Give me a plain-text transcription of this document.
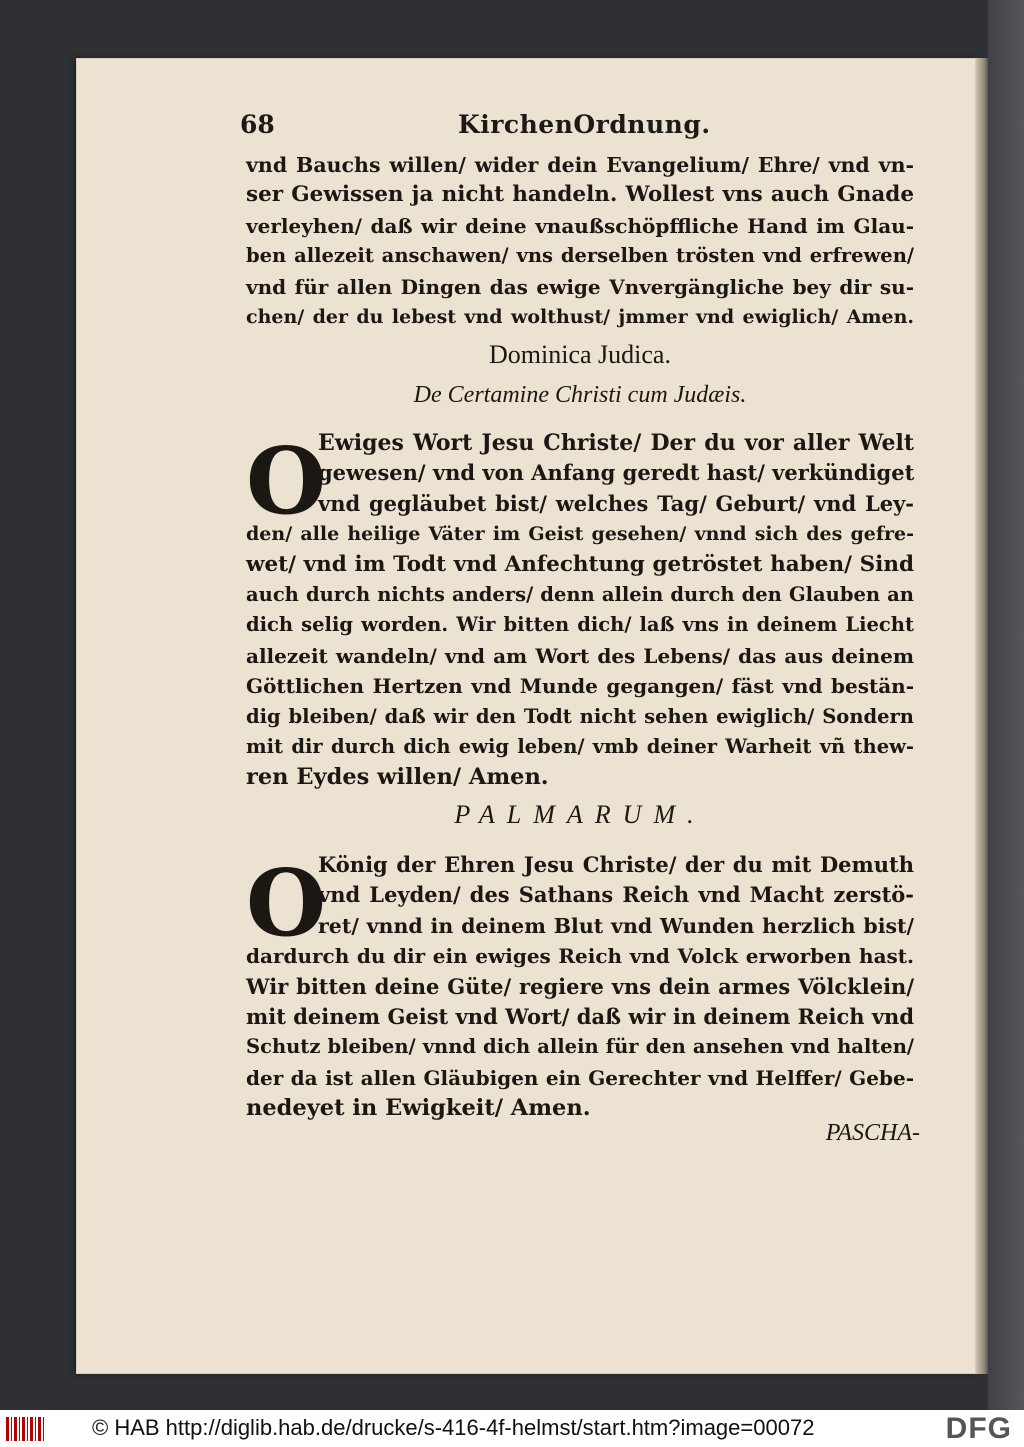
68	KirchenOrdnung.
vnd Bauchs willen/ wider dein Evangelium/ Ehre/ vnd vn-
ser Gewissen ja nicht handeln. Wollest vns auch Gnade
verleyhen/ daß wir deine vnaußschöpffliche Hand im Glau-
ben allezeit anschawen/ vns derselben trösten vnd erfrewen/
vnd für allen Dingen das ewige Vnvergängliche bey dir su-
chen/ der du lebest vnd wolthust/ jmmer vnd ewiglich/ Amen.
Dominica Judica.
De Certamine Christi cum Judæis.
O
Ewiges Wort Jesu Christe/ Der du vor aller Welt
gewesen/ vnd von Anfang geredt hast/ verkündiget
vnd gegläubet bist/ welches Tag/ Geburt/ vnd Ley-
den/ alle heilige Väter im Geist gesehen/ vnnd sich des gefre-
wet/ vnd im Todt vnd Anfechtung getröstet haben/ Sind
auch durch nichts anders/ denn allein durch den Glauben an
dich selig worden. Wir bitten dich/ laß vns in deinem Liecht
allezeit wandeln/ vnd am Wort des Lebens/ das aus deinem
Göttlichen Hertzen vnd Munde gegangen/ fäst vnd bestän-
dig bleiben/ daß wir den Todt nicht sehen ewiglich/ Sondern
mit dir durch dich ewig leben/ vmb deiner Warheit vñ thew-
ren Eydes willen/ Amen.
PALMARUM.
O
König der Ehren Jesu Christe/ der du mit Demuth
vnd Leyden/ des Sathans Reich vnd Macht zerstö-
ret/ vnnd in deinem Blut vnd Wunden herzlich bist/
dardurch du dir ein ewiges Reich vnd Volck erworben hast.
Wir bitten deine Güte/ regiere vns dein armes Völcklein/
mit deinem Geist vnd Wort/ daß wir in deinem Reich vnd
Schutz bleiben/ vnnd dich allein für den ansehen vnd halten/
der da ist allen Gläubigen ein Gerechter vnd Helffer/ Gebe-
nedeyet in Ewigkeit/ Amen.
PASCHA-
© HAB http://diglib.hab.de/drucke/s-416-4f-helmst/start.htm?image=00072	DFG
